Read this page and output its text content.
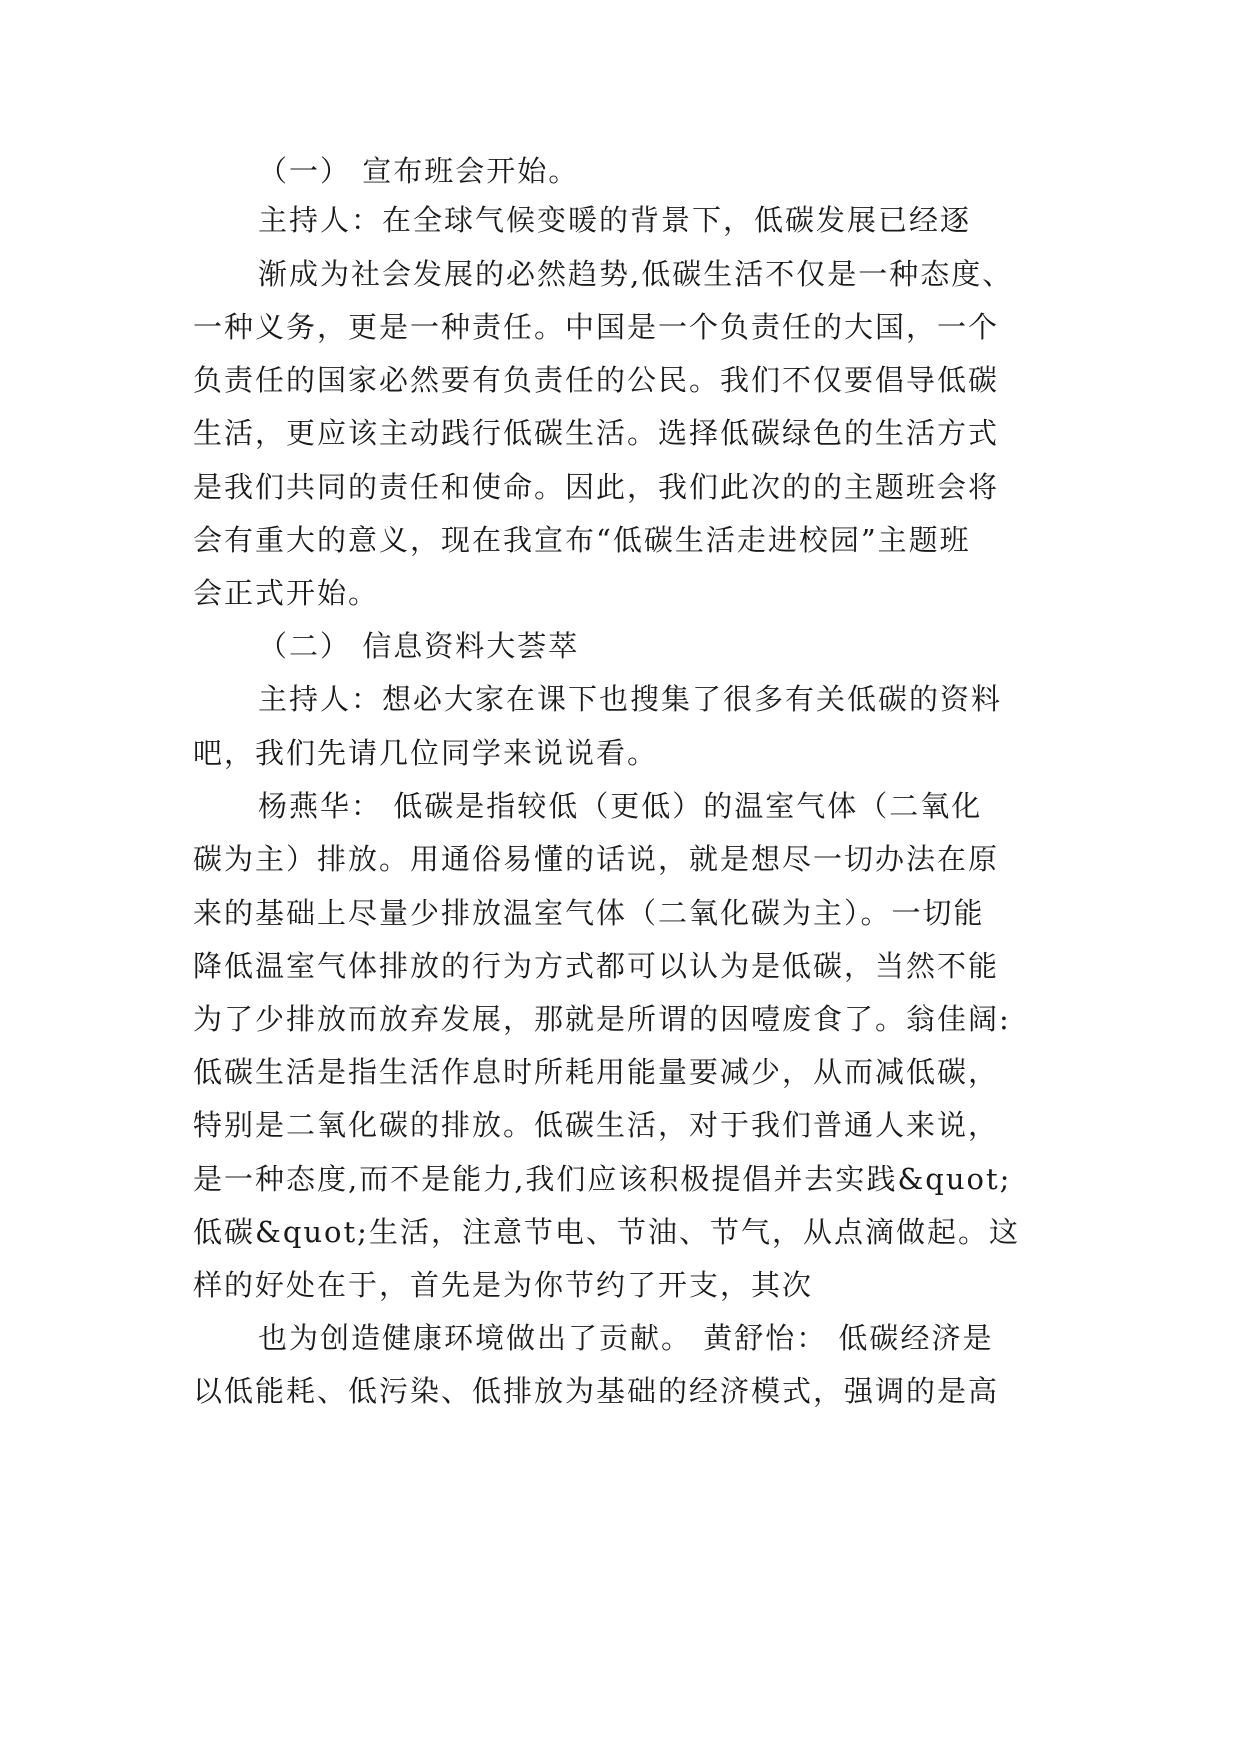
（一） 宣布班会开始。
主持人：在全球气候变暖的背景下，低碳发展已经逐
渐成为社会发展的必然趋势,低碳生活不仅是一种态度、
一种义务，更是一种责任。中国是一个负责任的大国，一个
负责任的国家必然要有负责任的公民。我们不仅要倡导低碳
生活，更应该主动践行低碳生活。选择低碳绿色的生活方式
是我们共同的责任和使命。因此，我们此次的的主题班会将
会有重大的意义，现在我宣布“低碳生活走进校园”主题班
会正式开始。
（二） 信息资料大荟萃
主持人：想必大家在课下也搜集了很多有关低碳的资料
吧，我们先请几位同学来说说看。
杨燕华： 低碳是指较低（更低）的温室气体（二氧化
碳为主）排放。用通俗易懂的话说，就是想尽一切办法在原
来的基础上尽量少排放温室气体（二氧化碳为主）。一切能
降低温室气体排放的行为方式都可以认为是低碳，当然不能
为了少排放而放弃发展，那就是所谓的因噎废食了。翁佳阔:
低碳生活是指生活作息时所耗用能量要减少，从而减低碳，
特别是二氧化碳的排放。低碳生活，对于我们普通人来说，
是一种态度,而不是能力,我们应该积极提倡并去实践&quot;
低碳&quot;生活，注意节电、节油、节气，从点滴做起。这
样的好处在于，首先是为你节约了开支，其次
也为创造健康环境做出了贡献。 黄舒怡： 低碳经济是
以低能耗、低污染、低排放为基础的经济模式，强调的是高
